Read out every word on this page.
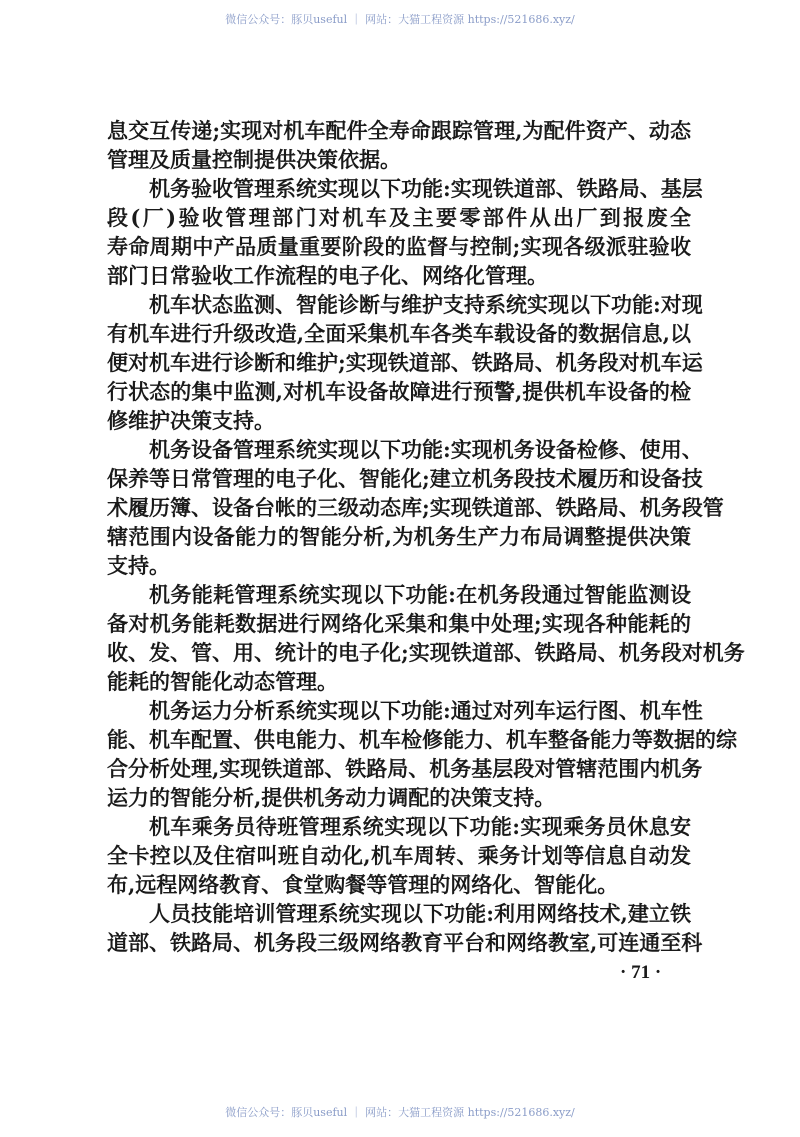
微信公众号：豚贝useful ｜ 网站：大猫工程资源 https://521686.xyz/
息交互传递;实现对机车配件全寿命跟踪管理,为配件资产、动态
管理及质量控制提供决策依据。
机务验收管理系统实现以下功能:实现铁道部、铁路局、基层
段(厂)验收管理部门对机车及主要零部件从出厂到报废全
寿命周期中产品质量重要阶段的监督与控制;实现各级派驻验收
部门日常验收工作流程的电子化、网络化管理。
机车状态监测、智能诊断与维护支持系统实现以下功能:对现
有机车进行升级改造,全面采集机车各类车载设备的数据信息,以
便对机车进行诊断和维护;实现铁道部、铁路局、机务段对机车运
行状态的集中监测,对机车设备故障进行预警,提供机车设备的检
修维护决策支持。
机务设备管理系统实现以下功能:实现机务设备检修、使用、
保养等日常管理的电子化、智能化;建立机务段技术履历和设备技
术履历簿、设备台帐的三级动态库;实现铁道部、铁路局、机务段管
辖范围内设备能力的智能分析,为机务生产力布局调整提供决策
支持。
机务能耗管理系统实现以下功能:在机务段通过智能监测设
备对机务能耗数据进行网络化采集和集中处理;实现各种能耗的
收、发、管、用、统计的电子化;实现铁道部、铁路局、机务段对机务
能耗的智能化动态管理。
机务运力分析系统实现以下功能:通过对列车运行图、机车性
能、机车配置、供电能力、机车检修能力、机车整备能力等数据的综
合分析处理,实现铁道部、铁路局、机务基层段对管辖范围内机务
运力的智能分析,提供机务动力调配的决策支持。
机车乘务员待班管理系统实现以下功能:实现乘务员休息安
全卡控以及住宿叫班自动化,机车周转、乘务计划等信息自动发
布,远程网络教育、食堂购餐等管理的网络化、智能化。
人员技能培训管理系统实现以下功能:利用网络技术,建立铁
道部、铁路局、机务段三级网络教育平台和网络教室,可连通至科
· 71 ·
微信公众号：豚贝useful ｜ 网站：大猫工程资源 https://521686.xyz/
